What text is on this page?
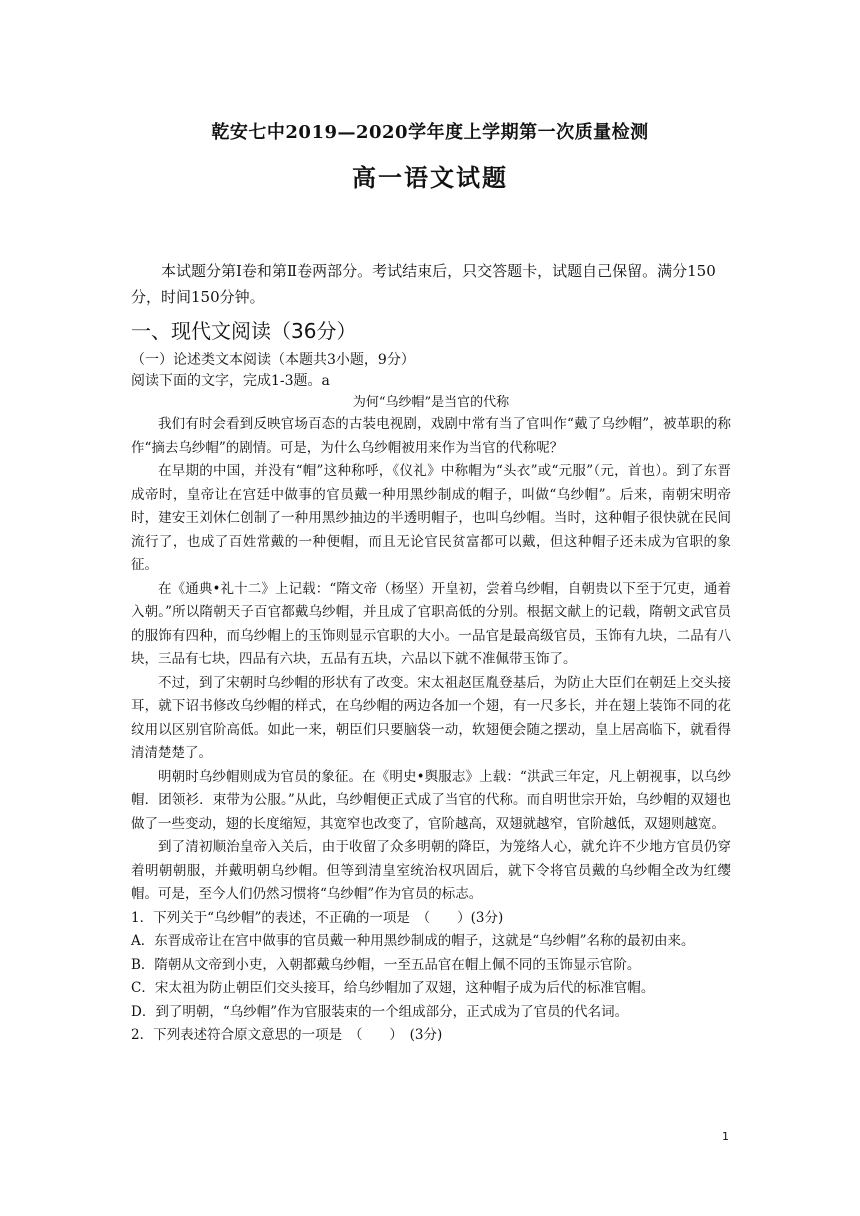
乾安七中2019—2020学年度上学期第一次质量检测
高一语文试题

本试题分第Ⅰ卷和第Ⅱ卷两部分。考试结束后，只交答题卡，试题自己保留。满分150分，时间150分钟。

一、现代文阅读（36分）

（一）论述类文本阅读（本题共3小题，9分）

阅读下面的文字，完成1-3题。a

为何“乌纱帽”是当官的代称

我们有时会看到反映官场百态的古装电视剧，戏剧中常有当了官叫作“戴了乌纱帽”，被革职的称作“摘去乌纱帽”的剧情。可是，为什么乌纱帽被用来作为当官的代称呢？

在早期的中国，并没有“帽”这种称呼，《仪礼》中称帽为“头衣”或“元服”（元，首也）。到了东晋成帝时，皇帝让在宫廷中做事的官员戴一种用黑纱制成的帽子，叫做“乌纱帽”。后来，南朝宋明帝时，建安王刘休仁创制了一种用黑纱抽边的半透明帽子，也叫乌纱帽。当时，这种帽子很快就在民间流行了，也成了百姓常戴的一种便帽，而且无论官民贫富都可以戴，但这种帽子还未成为官职的象征。

在《通典•礼十二》上记载：“隋文帝（杨坚）开皇初，尝着乌纱帽，自朝贵以下至于冗吏，通着入朝。”所以隋朝天子百官都戴乌纱帽，并且成了官职高低的分别。根据文献上的记载，隋朝文武官员的服饰有四种，而乌纱帽上的玉饰则显示官职的大小。一品官是最高级官员，玉饰有九块，二品有八块，三品有七块，四品有六块，五品有五块，六品以下就不准佩带玉饰了。

不过，到了宋朝时乌纱帽的形状有了改变。宋太祖赵匡胤登基后，为防止大臣们在朝廷上交头接耳，就下诏书修改乌纱帽的样式，在乌纱帽的两边各加一个翅，有一尺多长，并在翅上装饰不同的花纹用以区别官阶高低。如此一来，朝臣们只要脑袋一动，软翅便会随之摆动，皇上居高临下，就看得清清楚楚了。

明朝时乌纱帽则成为官员的象征。在《明史•舆服志》上载：“洪武三年定，凡上朝视事，以乌纱帽．团领衫．束带为公服。”从此，乌纱帽便正式成了当官的代称。而自明世宗开始，乌纱帽的双翅也做了一些变动，翅的长度缩短，其宽窄也改变了，官阶越高，双翅就越窄，官阶越低，双翅则越宽。

到了清初顺治皇帝入关后，由于收留了众多明朝的降臣，为笼络人心，就允许不少地方官员仍穿着明朝朝服，并戴明朝乌纱帽。但等到清皇室统治权巩固后，就下令将官员戴的乌纱帽全改为红缨帽。可是，至今人们仍然习惯将“乌纱帽”作为官员的标志。

1．下列关于“乌纱帽”的表述，不正确的一项是　（　　）(3分)

A．东晋成帝让在宫中做事的官员戴一种用黑纱制成的帽子，这就是“乌纱帽”名称的最初由来。

B．隋朝从文帝到小吏，入朝都戴乌纱帽，一至五品官在帽上佩不同的玉饰显示官阶。

C．宋太祖为防止朝臣们交头接耳，给乌纱帽加了双翅，这种帽子成为后代的标准官帽。

D．到了明朝，“乌纱帽”作为官服装束的一个组成部分，正式成为了官员的代名词。

2．下列表述符合原文意思的一项是　（　　）　(3分)

1
